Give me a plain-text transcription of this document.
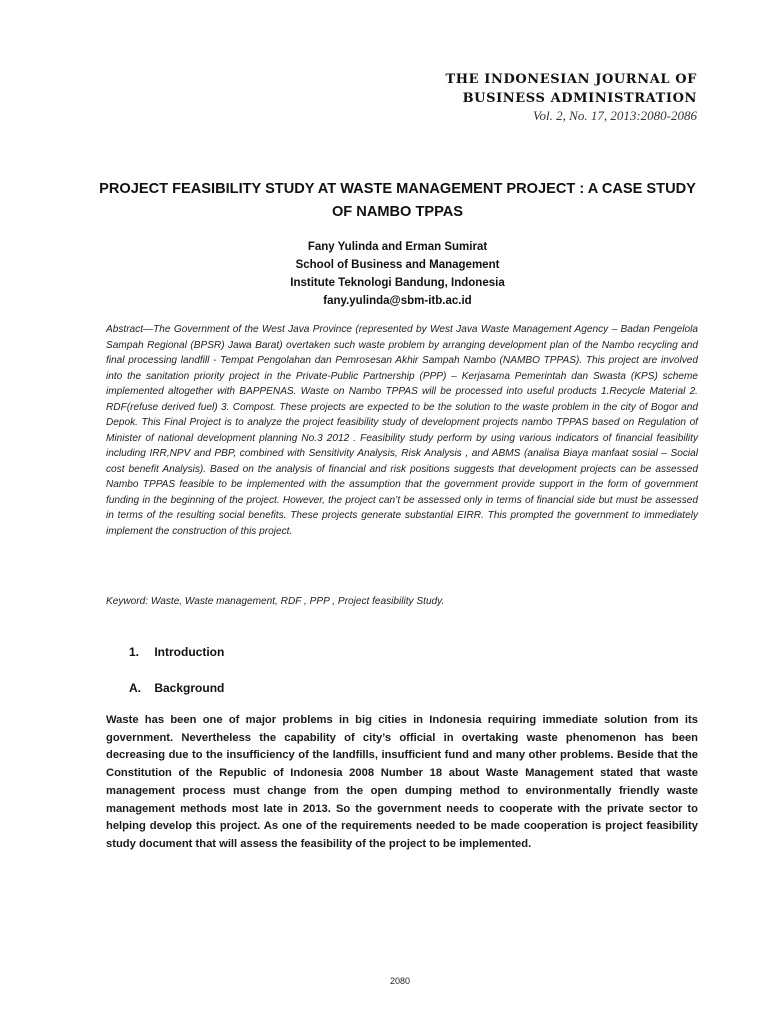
THE INDONESIAN JOURNAL OF
BUSINESS ADMINISTRATION
Vol. 2, No. 17, 2013:2080-2086
PROJECT FEASIBILITY STUDY AT WASTE MANAGEMENT PROJECT : A CASE STUDY OF NAMBO TPPAS
Fany Yulinda and Erman Sumirat
School of Business and Management
Institute Teknologi Bandung, Indonesia
fany.yulinda@sbm-itb.ac.id
Abstract—The Government of the West Java Province (represented by West Java Waste Management Agency – Badan Pengelola Sampah Regional (BPSR) Jawa Barat) overtaken such waste problem by arranging development plan of the Nambo recycling and final processing landfill - Tempat Pengolahan dan Pemrosesan Akhir Sampah Nambo (NAMBO TPPAS). This project are involved into the sanitation priority project in the Private-Public Partnership (PPP) – Kerjasama Pemerintah dan Swasta (KPS) scheme implemented altogether with BAPPENAS. Waste on Nambo TPPAS will be processed into useful products 1.Recycle Material 2. RDF(refuse derived fuel) 3. Compost. These projects are expected to be the solution to the waste problem in the city of Bogor and Depok. This Final Project is to analyze the project feasibility study of development projects nambo TPPAS based on Regulation of Minister of national development planning No.3 2012 . Feasibility study perform by using various indicators of financial feasibility including IRR,NPV and PBP, combined with Sensitivity Analysis, Risk Analysis , and ABMS (analisa Biaya manfaat sosial – Social cost benefit Analysis). Based on the analysis of financial and risk positions suggests that development projects can be assessed Nambo TPPAS feasible to be implemented with the assumption that the government provide support in the form of government funding in the beginning of the project. However, the project can’t be assessed only in terms of financial side but must be assessed in terms of the resulting social benefits. These projects generate substantial EIRR. This prompted the government to immediately implement the construction of this project.
Keyword: Waste, Waste management, RDF , PPP , Project feasibility Study.
1. Introduction
A. Background
Waste has been one of major problems in big cities in Indonesia requiring immediate solution from its government. Nevertheless the capability of city’s official in overtaking waste phenomenon has been decreasing due to the insufficiency of the landfills, insufficient fund and many other problems. Beside that the Constitution of the Republic of Indonesia 2008 Number 18 about Waste Management stated that waste management process must change from the open dumping method to environmentally friendly waste management methods most late in 2013. So the government needs to cooperate with the private sector to helping develop this project. As one of the requirements needed to be made cooperation is project feasibility study document that will assess the feasibility of the project to be implemented.
2080
